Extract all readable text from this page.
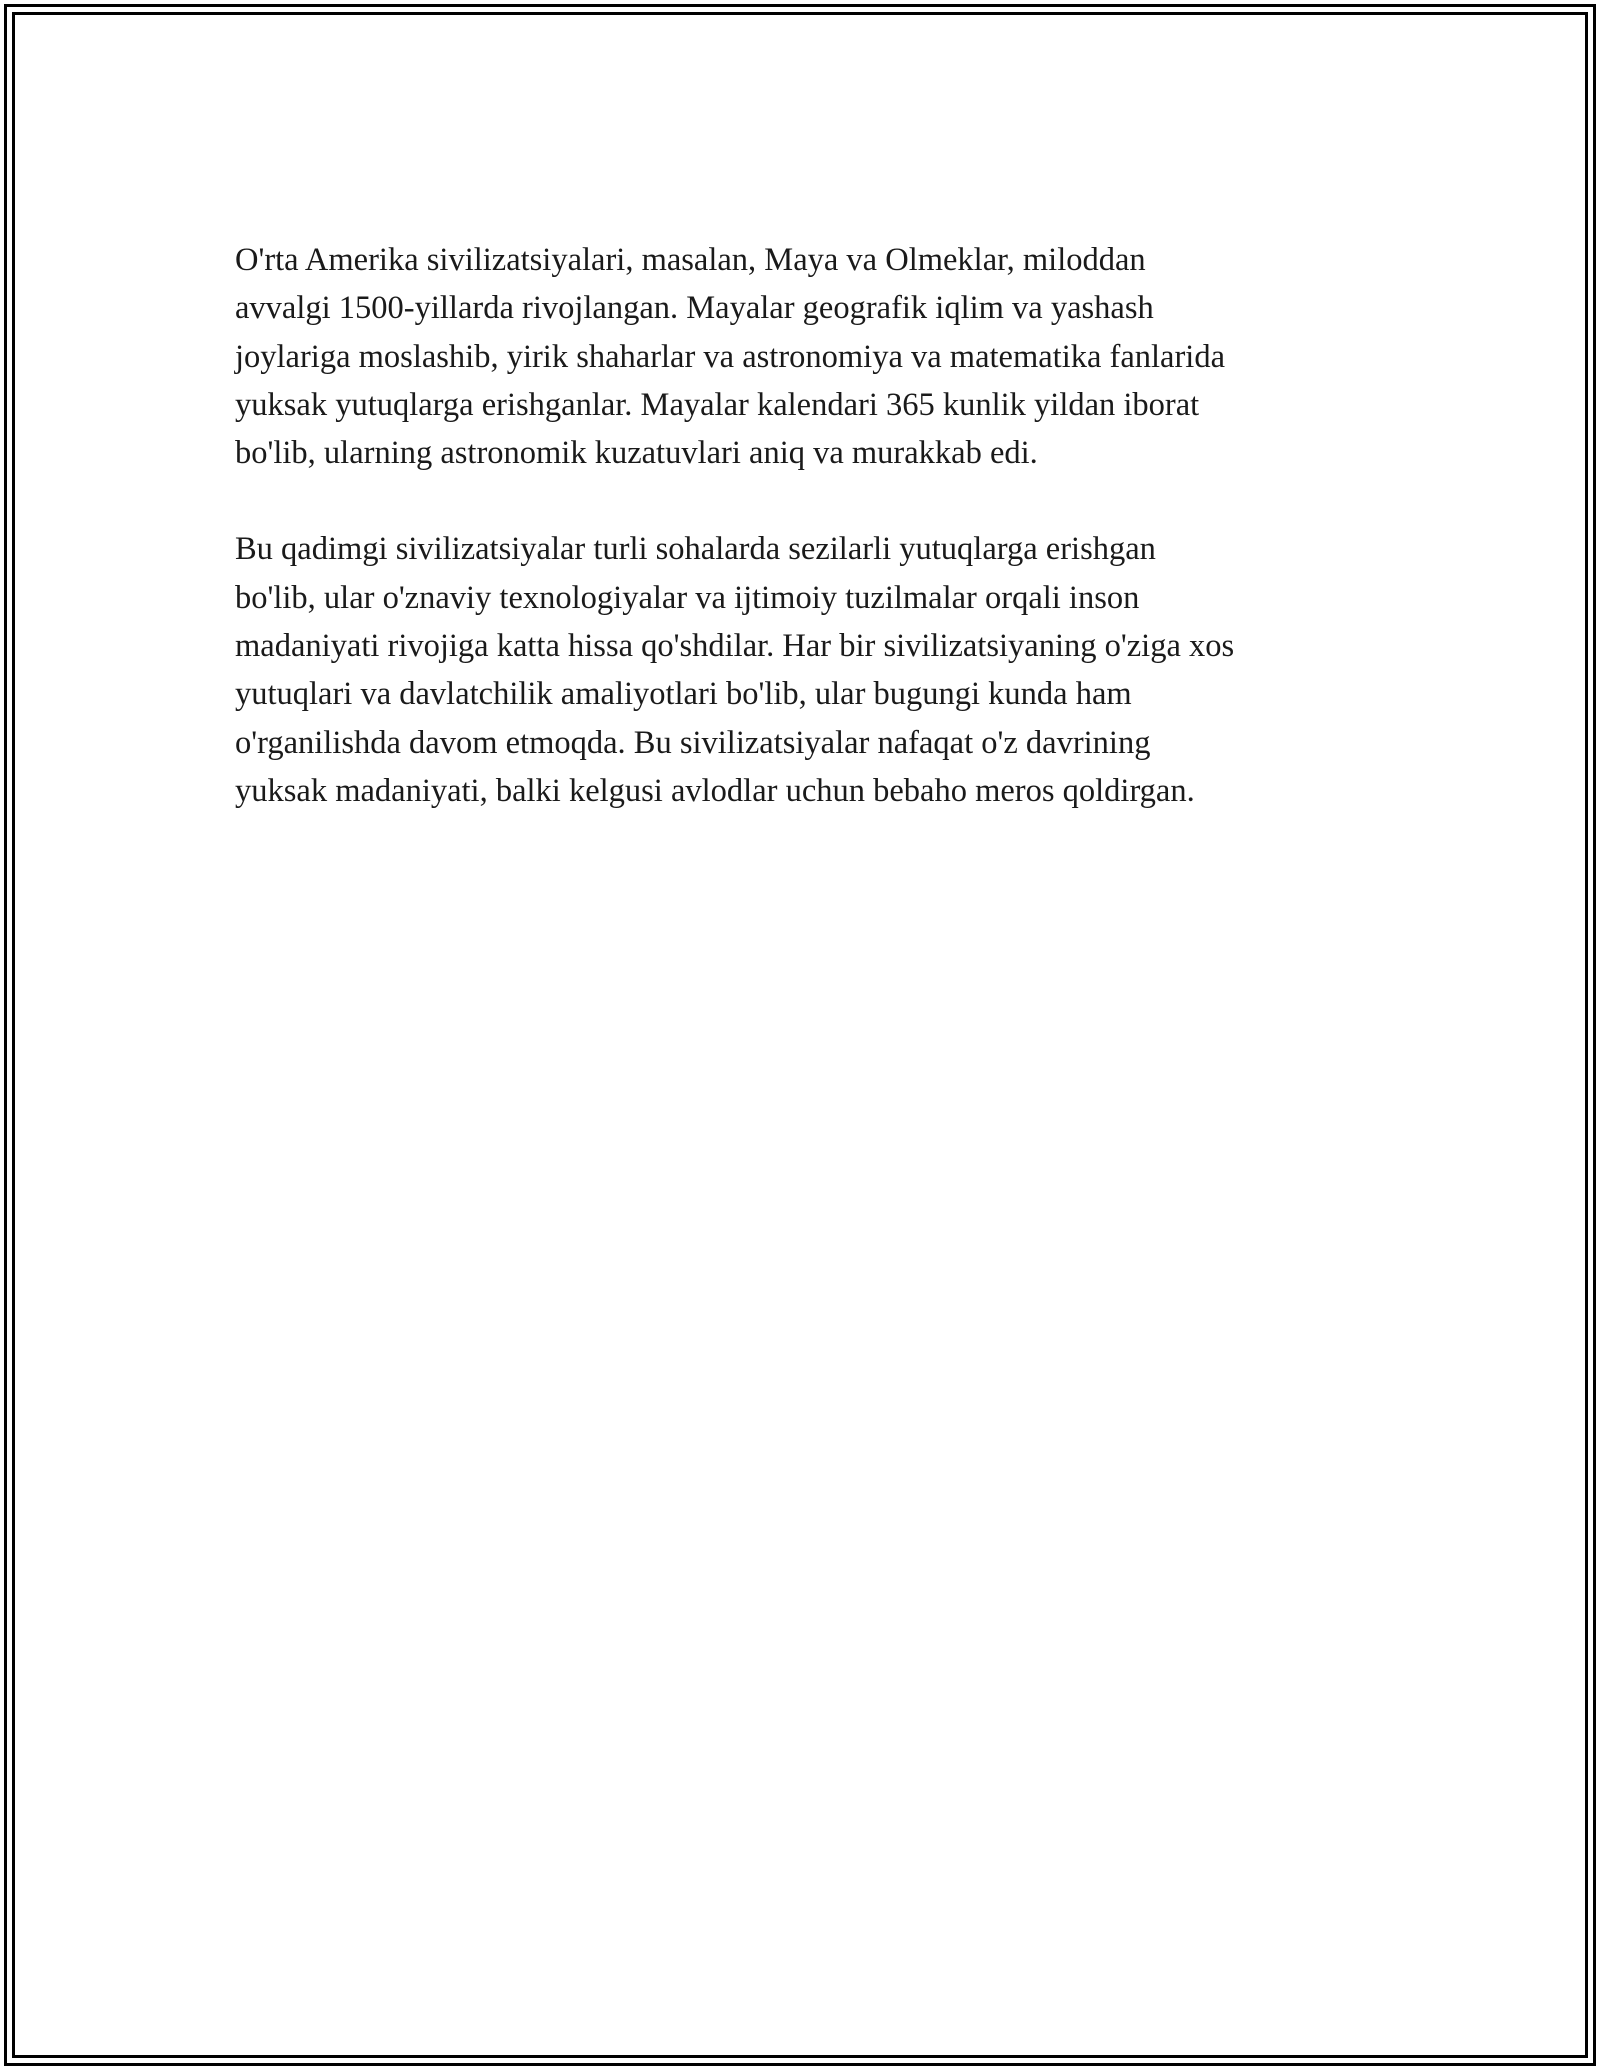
O'rta Amerika sivilizatsiyalari, masalan, Maya va Olmeklar, miloddan
avvalgi 1500-yillarda rivojlangan. Mayalar geografik iqlim va yashash
joylariga moslashib, yirik shaharlar va astronomiya va matematika fanlarida
yuksak yutuqlarga erishganlar. Mayalar kalendari 365 kunlik yildan iborat
bo'lib, ularning astronomik kuzatuvlari aniq va murakkab edi.

Bu qadimgi sivilizatsiyalar turli sohalarda sezilarli yutuqlarga erishgan
bo'lib, ular o'znaviy texnologiyalar va ijtimoiy tuzilmalar orqali inson
madaniyati rivojiga katta hissa qo'shdilar. Har bir sivilizatsiyaning o'ziga xos
yutuqlari va davlatchilik amaliyotlari bo'lib, ular bugungi kunda ham
o'rganilishda davom etmoqda. Bu sivilizatsiyalar nafaqat o'z davrining
yuksak madaniyati, balki kelgusi avlodlar uchun bebaho meros qoldirgan.
